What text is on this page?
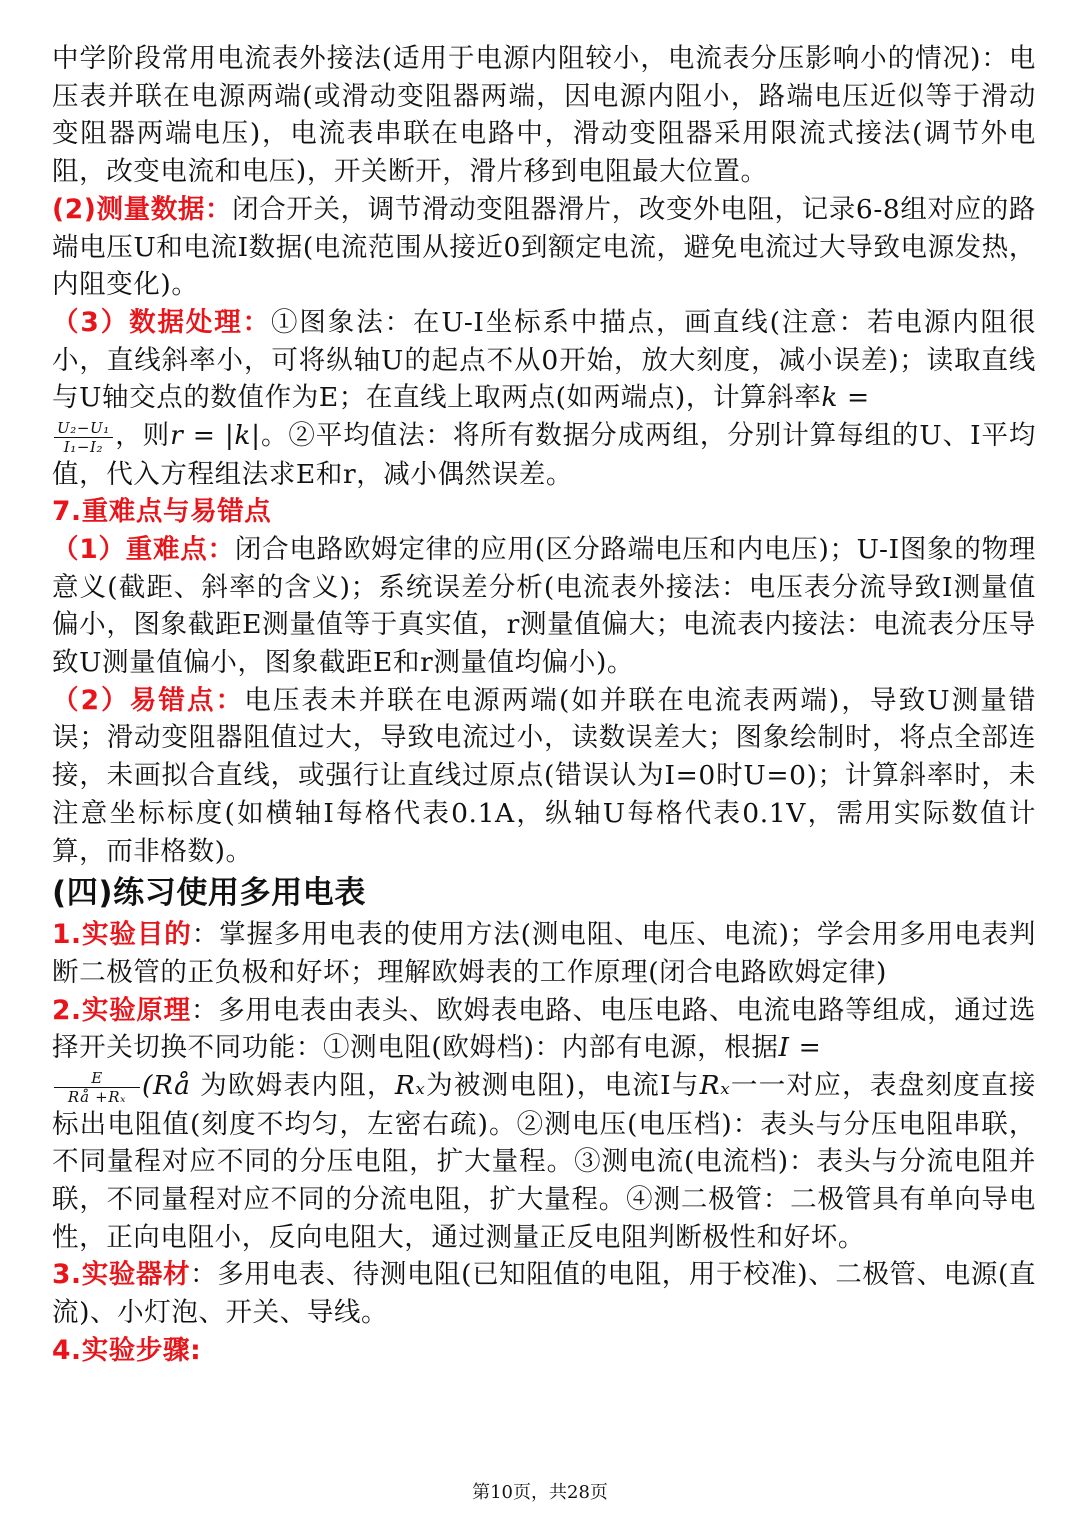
中学阶段常用电流表外接法(适用于电源内阻较小，电流表分压影响小的情况)：电压表并联在电源两端(或滑动变阻器两端，因电源内阻小，路端电压近似等于滑动变阻器两端电压)，电流表串联在电路中，滑动变阻器采用限流式接法(调节外电阻，改变电流和电压)，开关断开，滑片移到电阻最大位置。

(2)测量数据：闭合开关，调节滑动变阻器滑片，改变外电阻，记录6-8组对应的路端电压U和电流I数据(电流范围从接近0到额定电流，避免电流过大导致电源发热，内阻变化)。

（3）数据处理：①图象法：在U-I坐标系中描点，画直线(注意：若电源内阻很小，直线斜率小，可将纵轴U的起点不从0开始，放大刻度，减小误差)；读取直线与U轴交点的数值作为E；在直线上取两点(如两端点)，计算斜率k =

$\frac{\text{U₂−U₁}}{\text{I₁−I₂}}$ ，则r = |k|。②平均值法：将所有数据分成两组，分别计算每组的U、I平均值，代入方程组法求E和r，减小偶然误差。

7.重难点与易错点

（1）重难点：闭合电路欧姆定律的应用(区分路端电压和内电压)；U-I图象的物理意义(截距、斜率的含义)；系统误差分析(电流表外接法：电压表分流导致I测量值偏小，图象截距E测量值等于真实值，r测量值偏大；电流表内接法：电流表分压导致U测量值偏小，图象截距E和r测量值均偏小)。

（2）易错点：电压表未并联在电源两端(如并联在电流表两端)，导致U测量错误；滑动变阻器阻值过大，导致电流过小，读数误差大；图象绘制时，将点全部连接，未画拟合直线，或强行让直线过原点(错误认为I=0时U=0)；计算斜率时，未注意坐标标度(如横轴I每格代表0.1A，纵轴U每格代表0.1V，需用实际数值计算，而非格数)。

(四)练习使用多用电表

1.实验目的：掌握多用电表的使用方法(测电阻、电压、电流)；学会用多用电表判断二极管的正负极和好坏；理解欧姆表的工作原理(闭合电路欧姆定律)

2.实验原理：多用电表由表头、欧姆表电路、电压电路、电流电路等组成，通过选择开关切换不同功能：①测电阻(欧姆档)：内部有电源，根据I =

$\frac{E}{\text{Rå +Rₓ}}$ (Rå 为欧姆表内阻，Rₓ为被测电阻)，电流I与Rₓ一一对应，表盘刻度直接标出电阻值(刻度不均匀，左密右疏)。②测电压(电压档)：表头与分压电阻串联，不同量程对应不同的分压电阻，扩大量程。③测电流(电流档)：表头与分流电阻并联，不同量程对应不同的分流电阻，扩大量程。④测二极管：二极管具有单向导电性，正向电阻小，反向电阻大，通过测量正反电阻判断极性和好坏。

3.实验器材：多用电表、待测电阻(已知阻值的电阻，用于校准)、二极管、电源(直流)、小灯泡、开关、导线。

4.实验步骤:

第10页，共28页
